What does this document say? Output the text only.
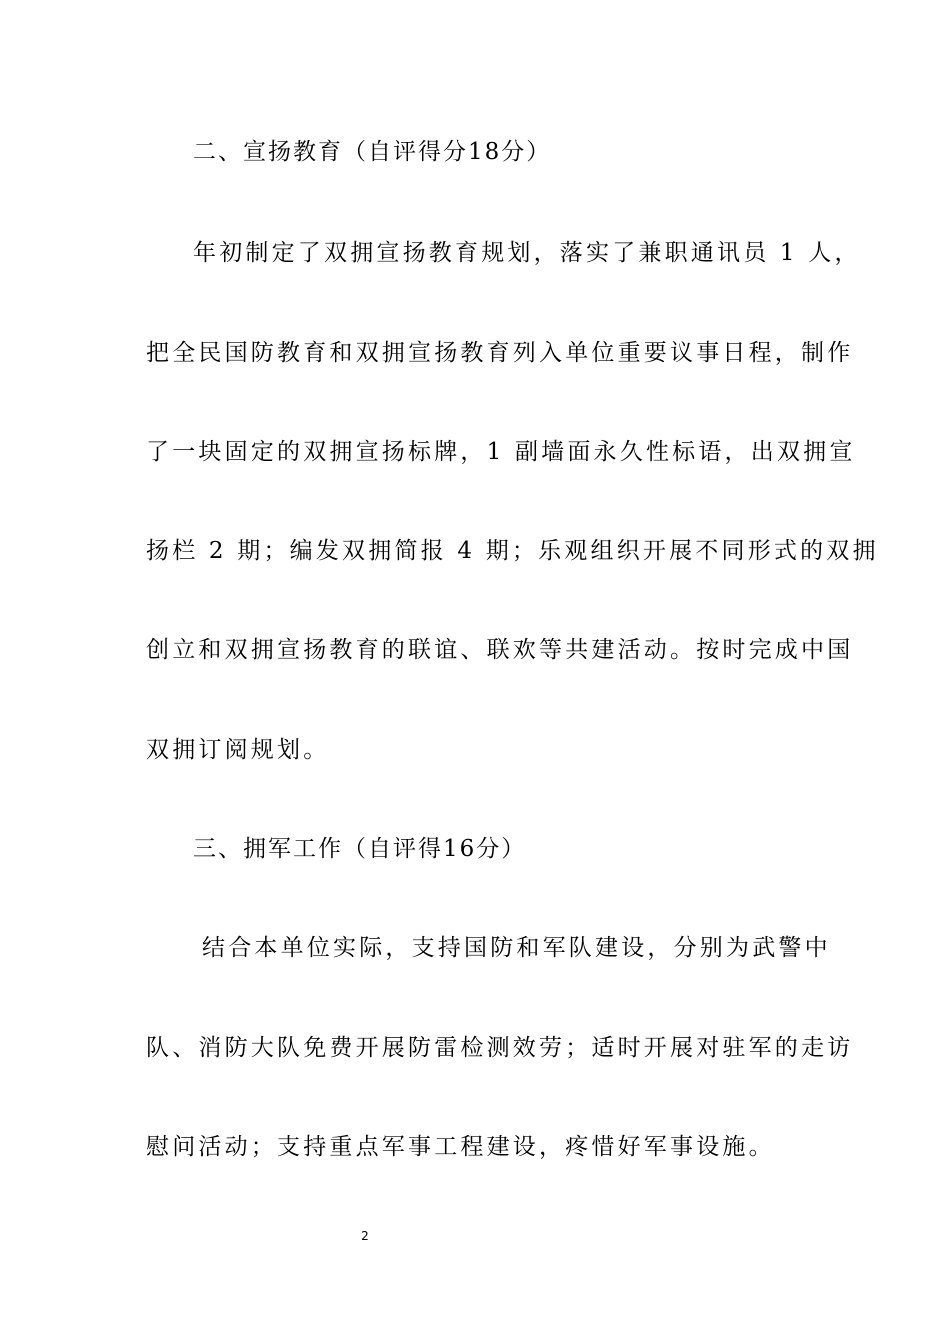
二、宣扬教育（自评得分18分）
年初制定了双拥宣扬教育规划，落实了兼职通讯员 1 人，
把全民国防教育和双拥宣扬教育列入单位重要议事日程，制作
了一块固定的双拥宣扬标牌，1 副墙面永久性标语，出双拥宣
扬栏 2 期；编发双拥简报 4 期；乐观组织开展不同形式的双拥
创立和双拥宣扬教育的联谊、联欢等共建活动。按时完成中国
双拥订阅规划。
三、拥军工作（自评得16分）
结合本单位实际，支持国防和军队建设，分别为武警中
队、消防大队免费开展防雷检测效劳；适时开展对驻军的走访
慰问活动；支持重点军事工程建设，疼惜好军事设施。
2
